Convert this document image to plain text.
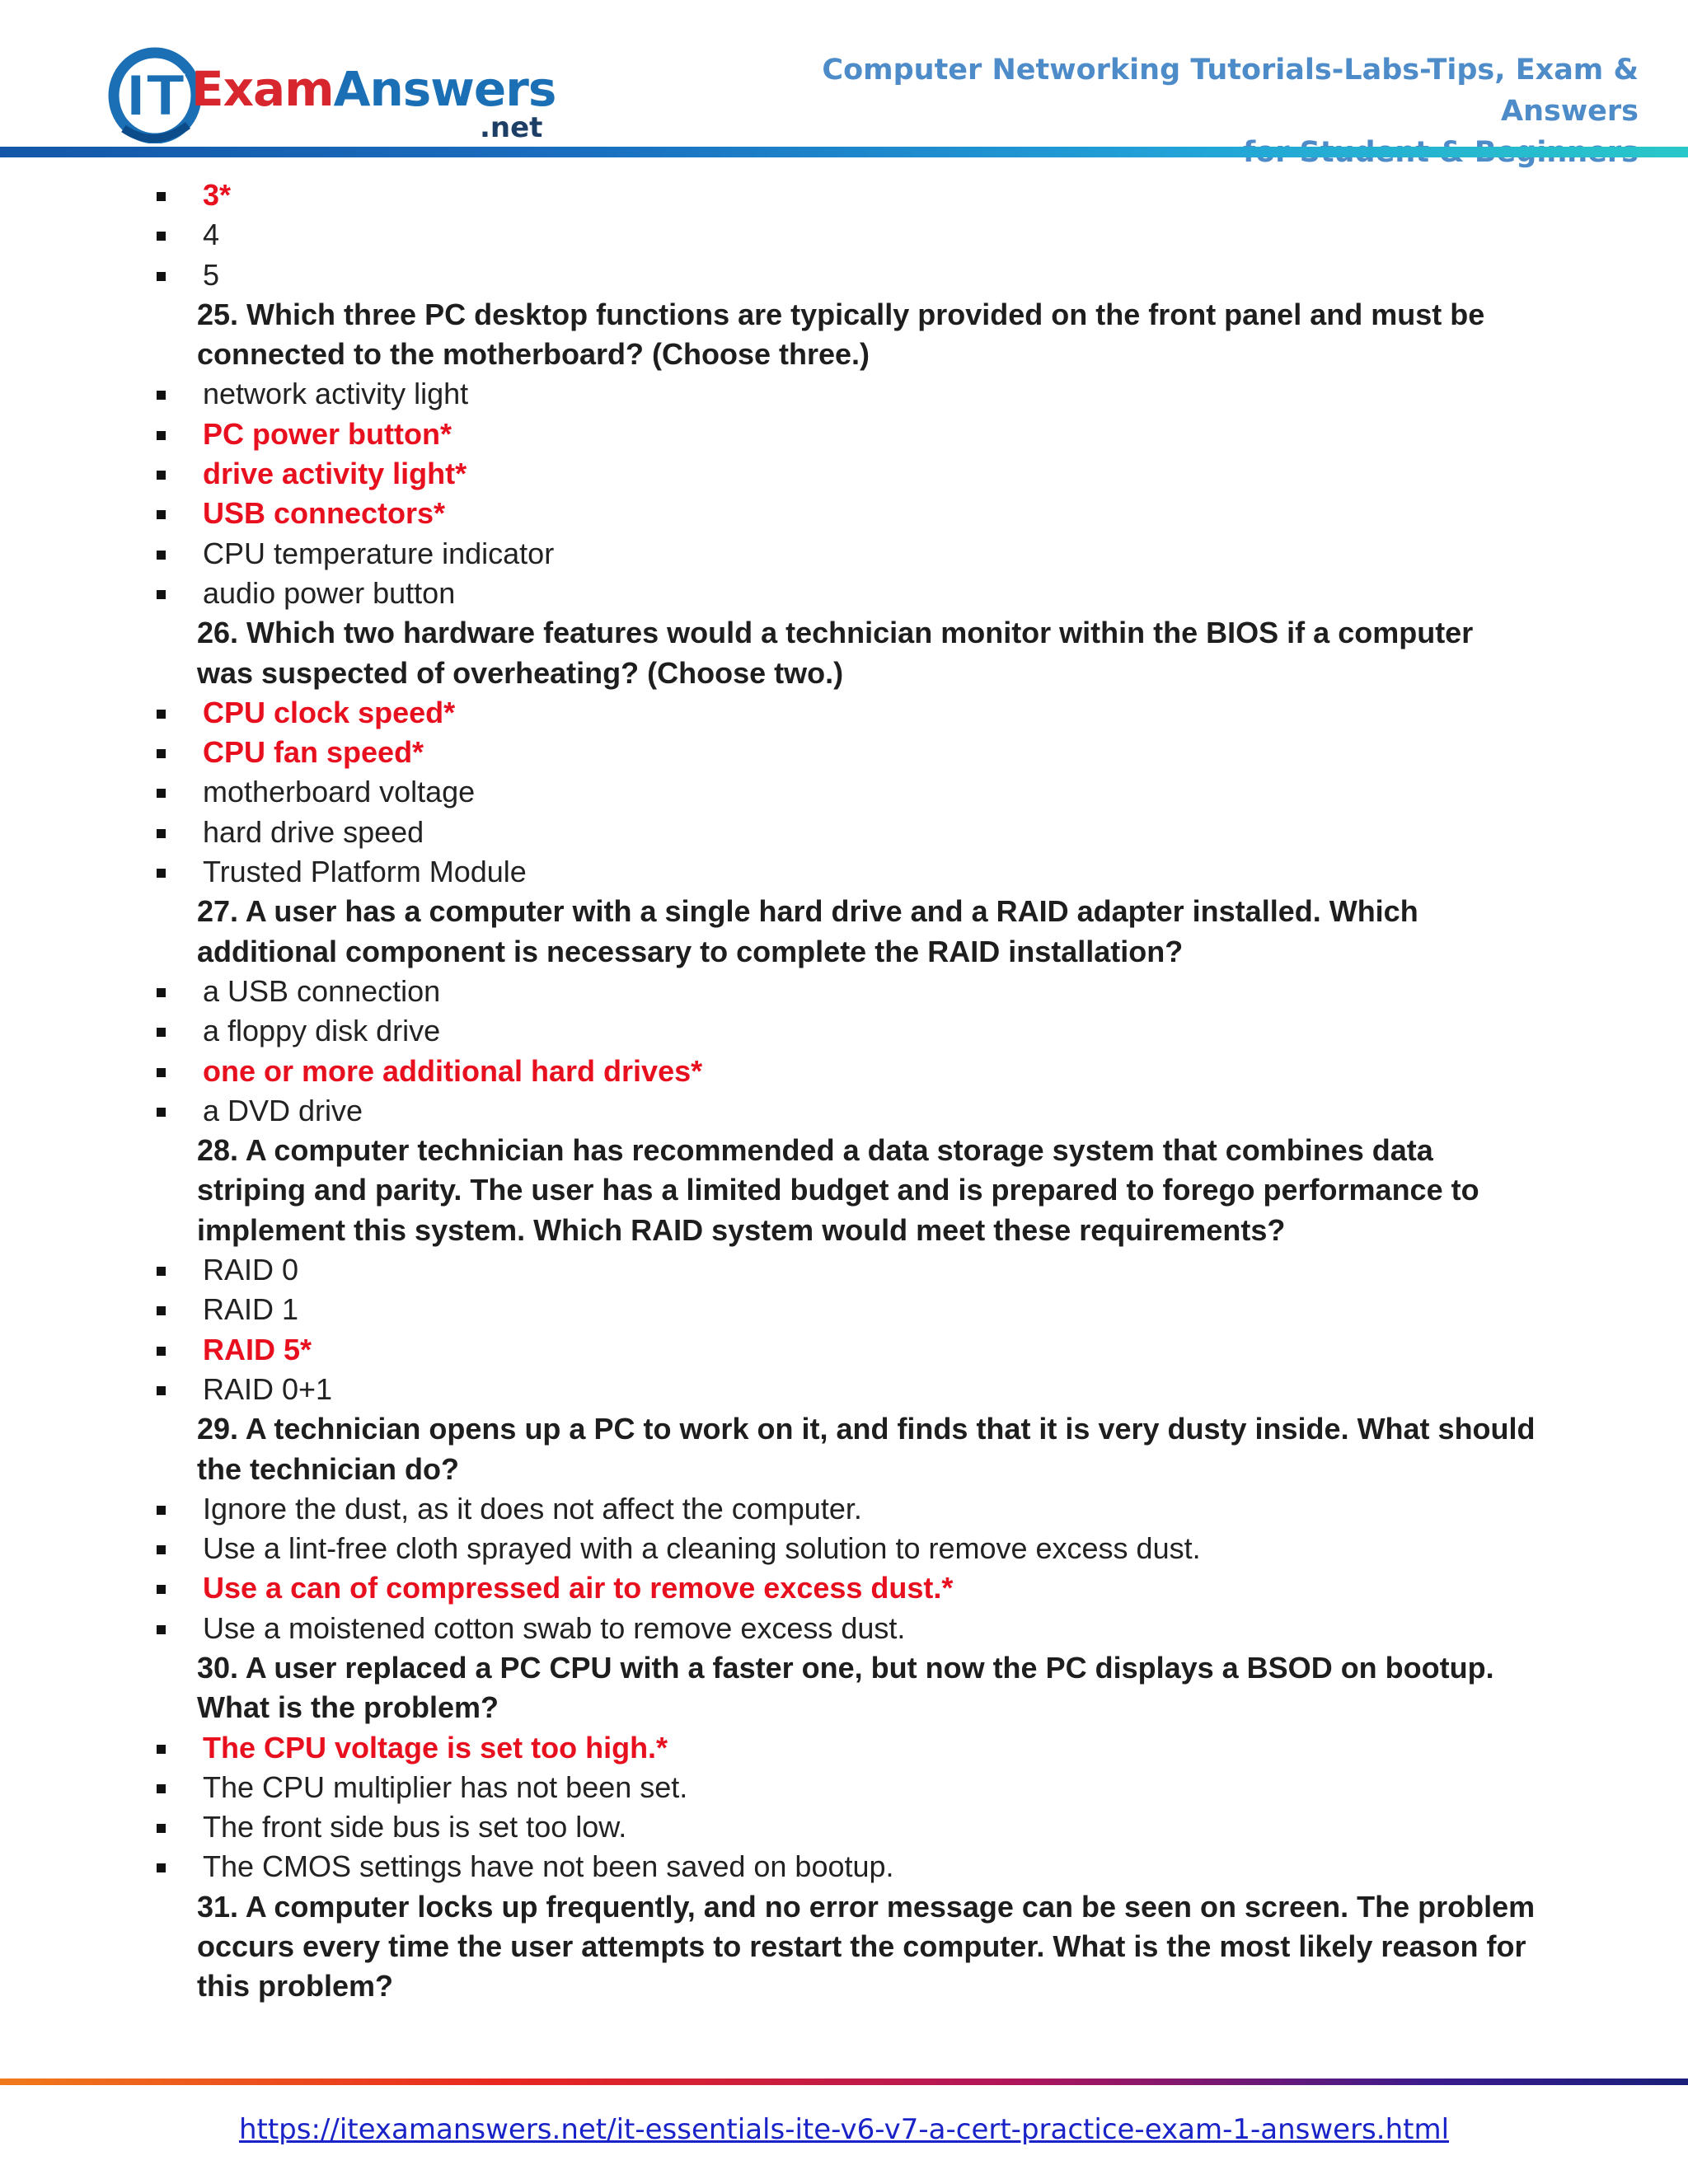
IT ExamAnswers
.net
Computer Networking Tutorials-Labs-Tips, Exam & Answers
3*
4
5
25. Which three PC desktop functions are typically provided on the front panel and must be
connected to the motherboard? (Choose three.)
network activity light
PC power button*
drive activity light*
USB connectors*
CPU temperature indicator
audio power button
26. Which two hardware features would a technician monitor within the BIOS if a computer
was suspected of overheating? (Choose two.)
CPU clock speed*
CPU fan speed*
motherboard voltage
hard drive speed
Trusted Platform Module
27. A user has a computer with a single hard drive and a RAID adapter installed. Which
additional component is necessary to complete the RAID installation?
a USB connection
a floppy disk drive
one or more additional hard drives*
a DVD drive
28. A computer technician has recommended a data storage system that combines data
striping and parity. The user has a limited budget and is prepared to forego performance to
implement this system. Which RAID system would meet these requirements?
RAID 0
RAID 1
RAID 5*
RAID 0+1
29. A technician opens up a PC to work on it, and finds that it is very dusty inside. What should
the technician do?
Ignore the dust, as it does not affect the computer.
Use a lint-free cloth sprayed with a cleaning solution to remove excess dust.
Use a can of compressed air to remove excess dust.*
Use a moistened cotton swab to remove excess dust.
30. A user replaced a PC CPU with a faster one, but now the PC displays a BSOD on bootup.
What is the problem?
The CPU voltage is set too high.*
The CPU multiplier has not been set.
The front side bus is set too low.
The CMOS settings have not been saved on bootup.
31. A computer locks up frequently, and no error message can be seen on screen. The problem
occurs every time the user attempts to restart the computer. What is the most likely reason for
this problem?
https://itexamanswers.net/it-essentials-ite-v6-v7-a-cert-practice-exam-1-answers.html
